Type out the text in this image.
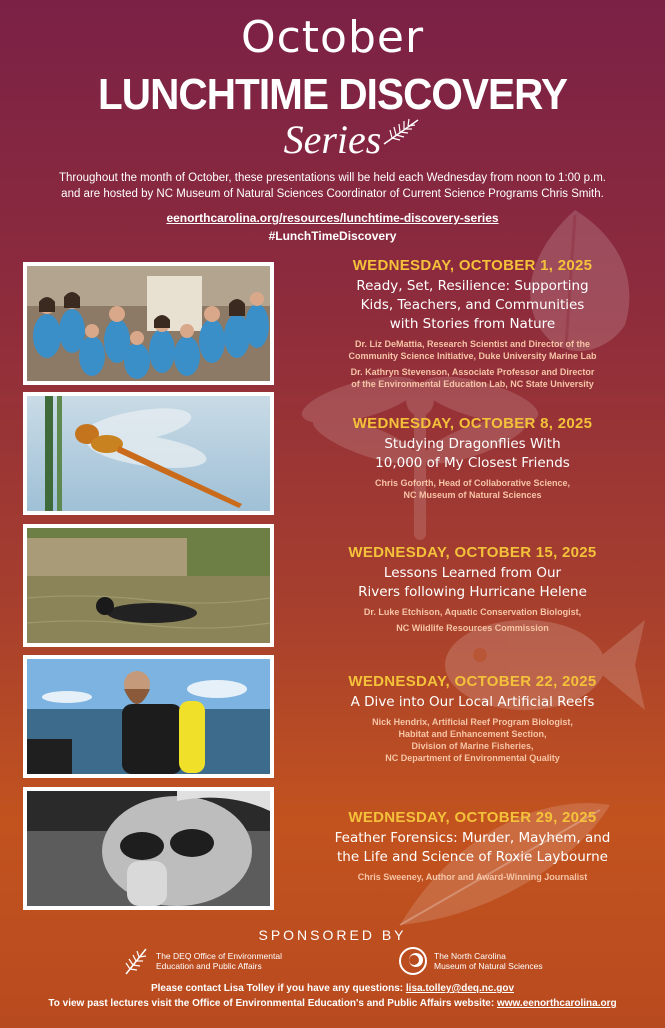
October
LUNCHTIME DISCOVERY
Series
Throughout the month of October, these presentations will be held each Wednesday from noon to 1:00 p.m.
and are hosted by NC Museum of Natural Sciences Coordinator of Current Science Programs Chris Smith.
eenorthcarolina.org/resources/lunchtime-discovery-series
#LunchTimeDiscovery
WEDNESDAY, OCTOBER 1, 2025
Ready, Set, Resilience: Supporting
Kids, Teachers, and Communities
with Stories from Nature
Dr. Liz DeMattia, Research Scientist and Director of the
Community Science Initiative, Duke University Marine Lab
Dr. Kathryn Stevenson, Associate Professor and Director
of the Environmental Education Lab, NC State University
WEDNESDAY, OCTOBER 8, 2025
Studying Dragonflies With
10,000 of My Closest Friends
Chris Goforth, Head of Collaborative Science,
NC Museum of Natural Sciences
WEDNESDAY, OCTOBER 15, 2025
Lessons Learned from Our
Rivers following Hurricane Helene
Dr. Luke Etchison, Aquatic Conservation Biologist,
NC Wildlife Resources Commission
WEDNESDAY, OCTOBER 22, 2025
A Dive into Our Local Artificial Reefs
Nick Hendrix, Artificial Reef Program Biologist,
Habitat and Enhancement Section,
Division of Marine Fisheries,
NC Department of Environmental Quality
WEDNESDAY, OCTOBER 29, 2025
Feather Forensics: Murder, Mayhem, and
the Life and Science of Roxie Laybourne
Chris Sweeney, Author and Award-Winning Journalist
SPONSORED BY
The DEQ Office of Environmental
Education and Public Affairs
The North Carolina
Museum of Natural Sciences
Please contact Lisa Tolley if you have any questions: lisa.tolley@deq.nc.gov
To view past lectures visit the Office of Environmental Education's and Public Affairs website: www.eenorthcarolina.org
